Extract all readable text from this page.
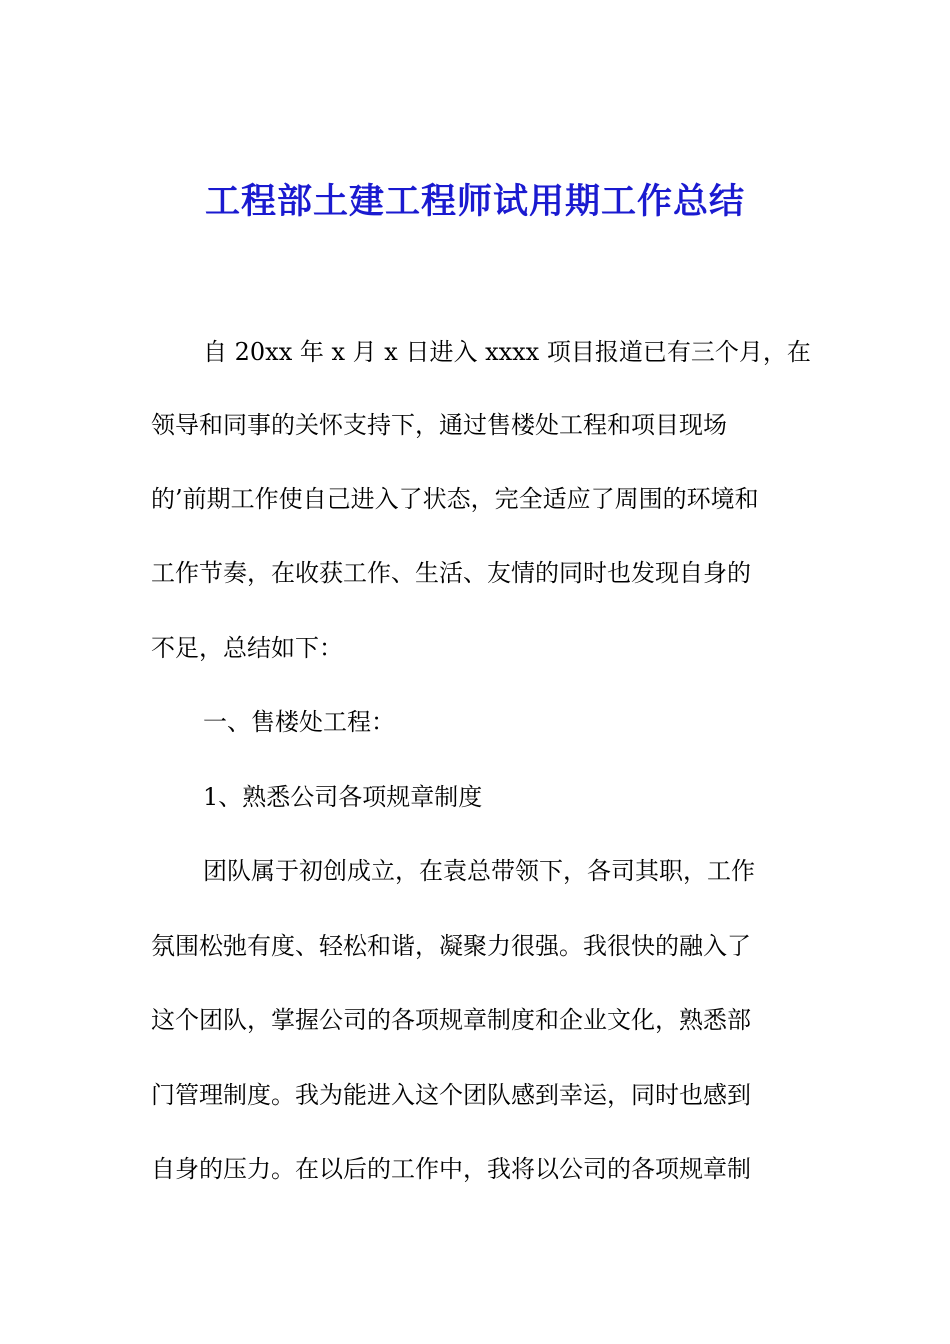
工程部土建工程师试用期工作总结

自 20xx 年 x 月 x 日进入 xxxx 项目报道已有三个月，在

领导和同事的关怀支持下，通过售楼处工程和项目现场

的’前期工作使自己进入了状态，完全适应了周围的环境和

工作节奏，在收获工作、生活、友情的同时也发现自身的

不足，总结如下：

一、售楼处工程：

1、熟悉公司各项规章制度

团队属于初创成立，在袁总带领下，各司其职，工作

氛围松弛有度、轻松和谐，凝聚力很强。我很快的融入了

这个团队，掌握公司的各项规章制度和企业文化，熟悉部

门管理制度。我为能进入这个团队感到幸运，同时也感到

自身的压力。在以后的工作中，我将以公司的各项规章制
